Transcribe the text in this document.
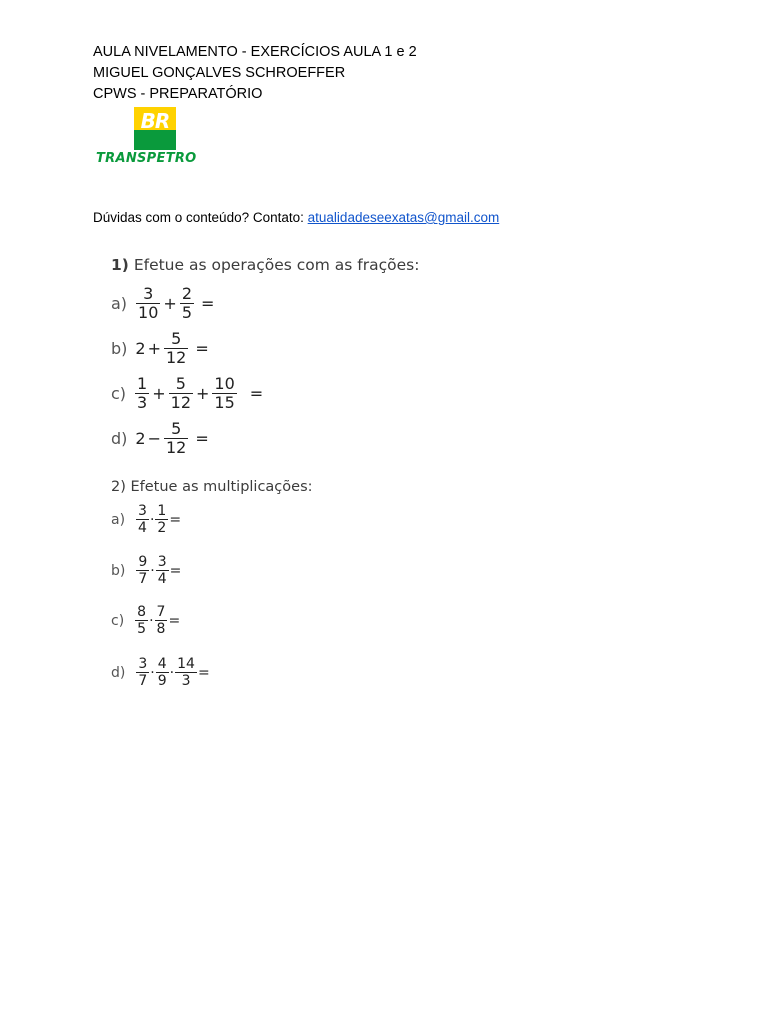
AULA NIVELAMENTO - EXERCÍCIOS AULA 1 e 2
MIGUEL GONÇALVES SCHROEFFER
CPWS - PREPARATÓRIO
BR
TRANSPETRO
Dúvidas com o conteúdo? Contato: atualidadeseexatas@gmail.com
1) Efetue as operações com as frações:
$a) \frac{3}{10} + \frac{2}{5}$ =
b) $2 + \frac{5}{12}$ =
$c) \frac{1}{3} + \frac{5}{12} + \frac{10}{15}$ =
d) $2 - \frac{5}{12}$ =
2) Efetue as multiplicações:
$a) \frac{3}{4} \cdot \frac{1}{2}$ =
$b) \frac{9}{7} \cdot \frac{3}{4}$ =
$c) \frac{8}{5} \cdot \frac{7}{8}$ =
$d) \frac{3}{7} \cdot \frac{4}{9} \cdot \frac{14}{3}$ =
